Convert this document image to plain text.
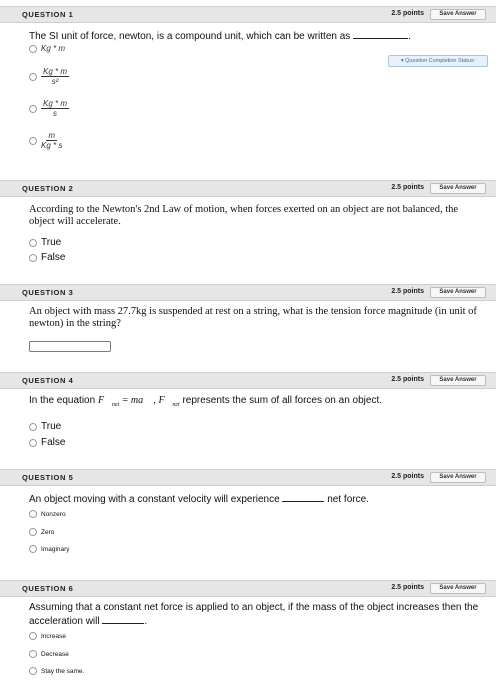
QUESTION 1	2.5 points	Save Answer
The SI unit of force, newton, is a compound unit, which can be written as	.
▾ Question Completion Status:
Kg * m
$\frac{Kg * m}{\text{s²}}$
$\frac{Kg * m}{s}$
$\frac{m}{Kg * s}$
QUESTION 2	2.5 points	Save Answer
According to the Newton's 2nd Law of motion, when forces exerted on an object are not balanced, the object will accelerate.
True
False
QUESTION 3	2.5 points	Save Answer
An object with mass 27.7kg is suspended at rest on a string, what is the tension force magnitude (in unit of newton) in the string?
QUESTION 4	2.5 points	Save Answer
In the equation $F_{net}$ = ma⃗ , $F_{net}$ represents the sum of all forces on an object.
True
False
QUESTION 5	2.5 points	Save Answer
An object moving with a constant velocity will experience	net force.
Nonzero
Zero
Imaginary
QUESTION 6	2.5 points	Save Answer
Assuming that a constant net force is applied to an object, if the mass of the object increases then the acceleration will	.
Increase
Decrease
Stay the same.
